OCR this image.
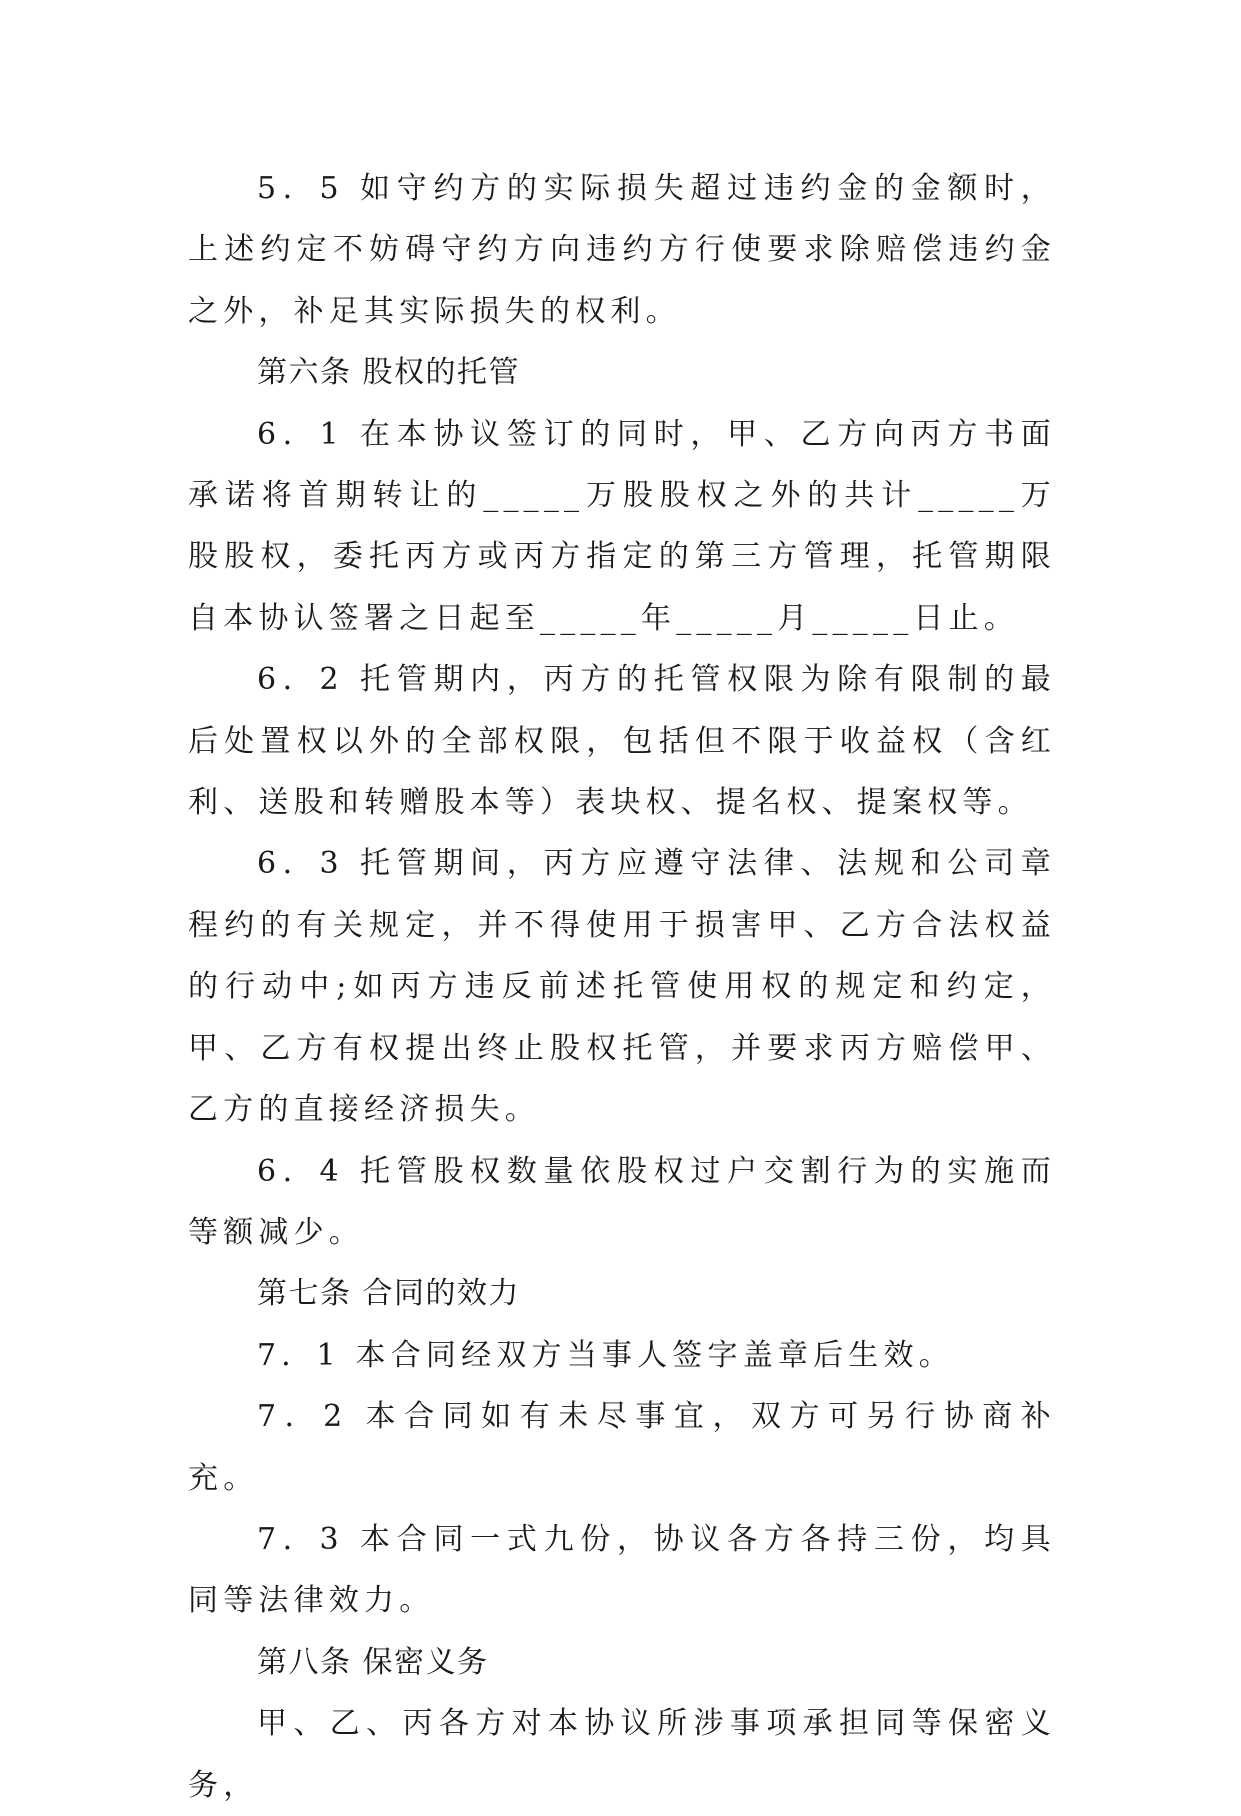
5．5 如守约方的实际损失超过违约金的金额时，上述约定不妨碍守约方向违约方行使要求除赔偿违约金之外，补足其实际损失的权利。

第六条 股权的托管

6．1 在本协议签订的同时，甲、乙方向丙方书面承诺将首期转让的_____万股股权之外的共计_____万股股权，委托丙方或丙方指定的第三方管理，托管期限自本协认签署之日起至_____年_____月_____日止。

6．2 托管期内，丙方的托管权限为除有限制的最后处置权以外的全部权限，包括但不限于收益权（含红利、送股和转赠股本等）表块权、提名权、提案权等。

6．3 托管期间，丙方应遵守法律、法规和公司章程约的有关规定，并不得使用于损害甲、乙方合法权益的行动中;如丙方违反前述托管使用权的规定和约定，甲、乙方有权提出终止股权托管，并要求丙方赔偿甲、乙方的直接经济损失。

6．4 托管股权数量依股权过户交割行为的实施而等额减少。

第七条 合同的效力

7．1 本合同经双方当事人签字盖章后生效。

7．2 本合同如有未尽事宜，双方可另行协商补充。

7．3 本合同一式九份，协议各方各持三份，均具同等法律效力。

第八条 保密义务

甲、乙、丙各方对本协议所涉事项承担同等保密义务，
